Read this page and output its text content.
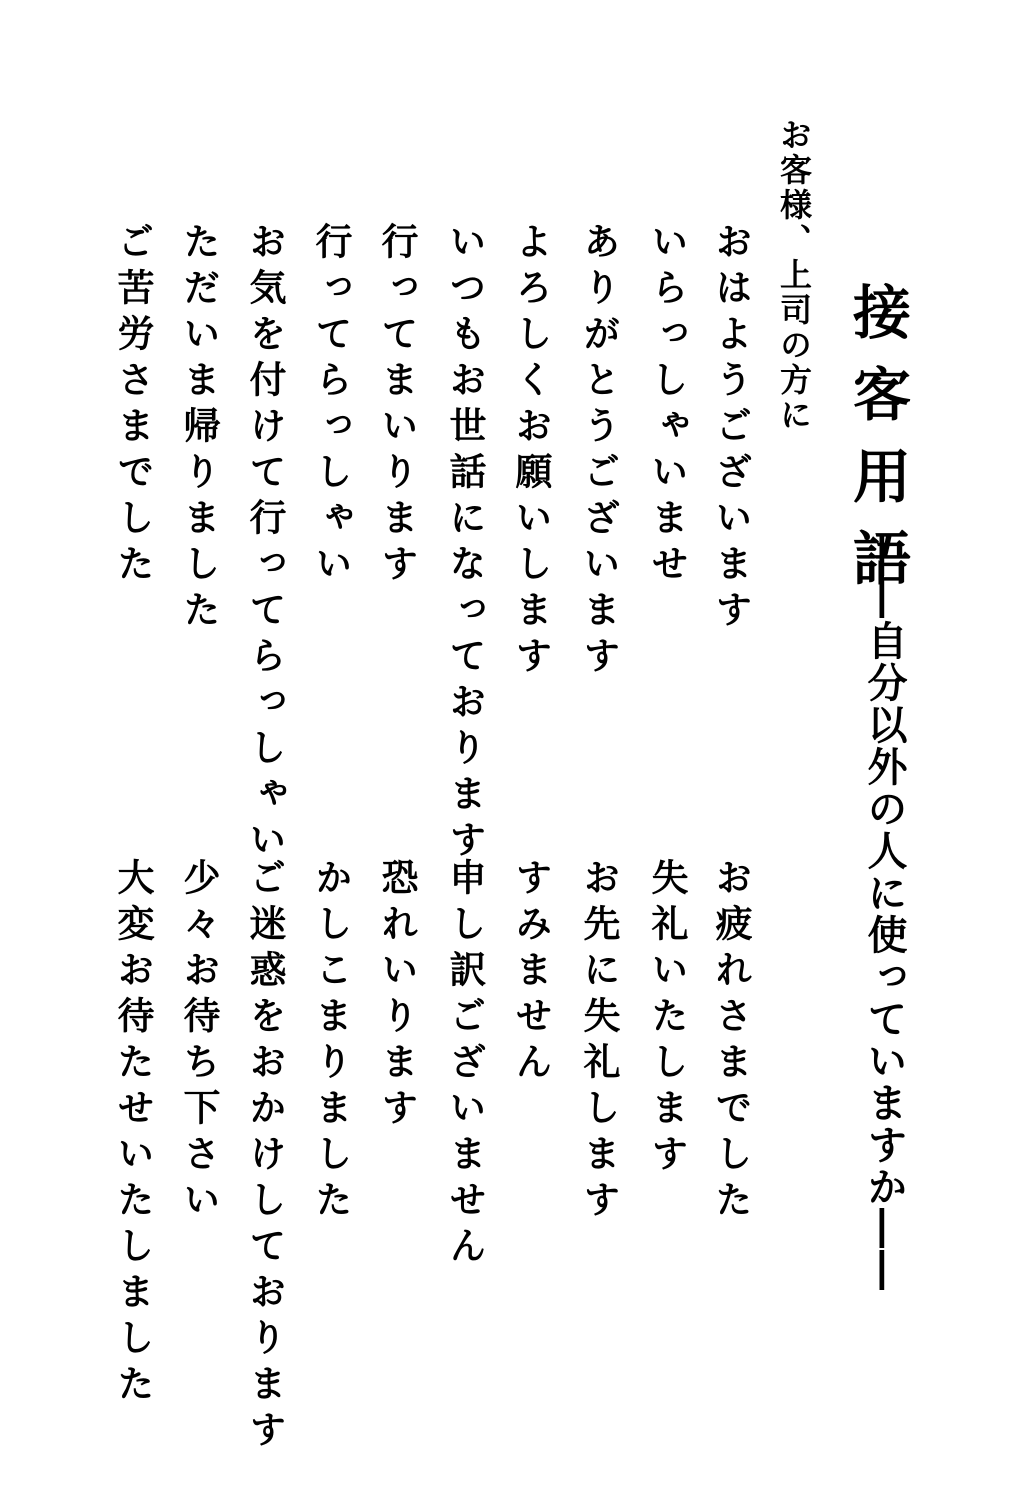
接客用語
――自分以外の人に使っていますか――
お客様、上司の方に
おはようございます
いらっしゃいませ
ありがとうございます
よろしくお願いします
いつもお世話になっております
行ってまいります
行ってらっしゃい
お気を付けて行ってらっしゃい
ただいま帰りました
ご苦労さまでした
お疲れさまでした
失礼いたします
お先に失礼します
すみません
申し訳ございません
恐れいります
かしこまりました
ご迷惑をおかけしております
少々お待ち下さい
大変お待たせいたしました
